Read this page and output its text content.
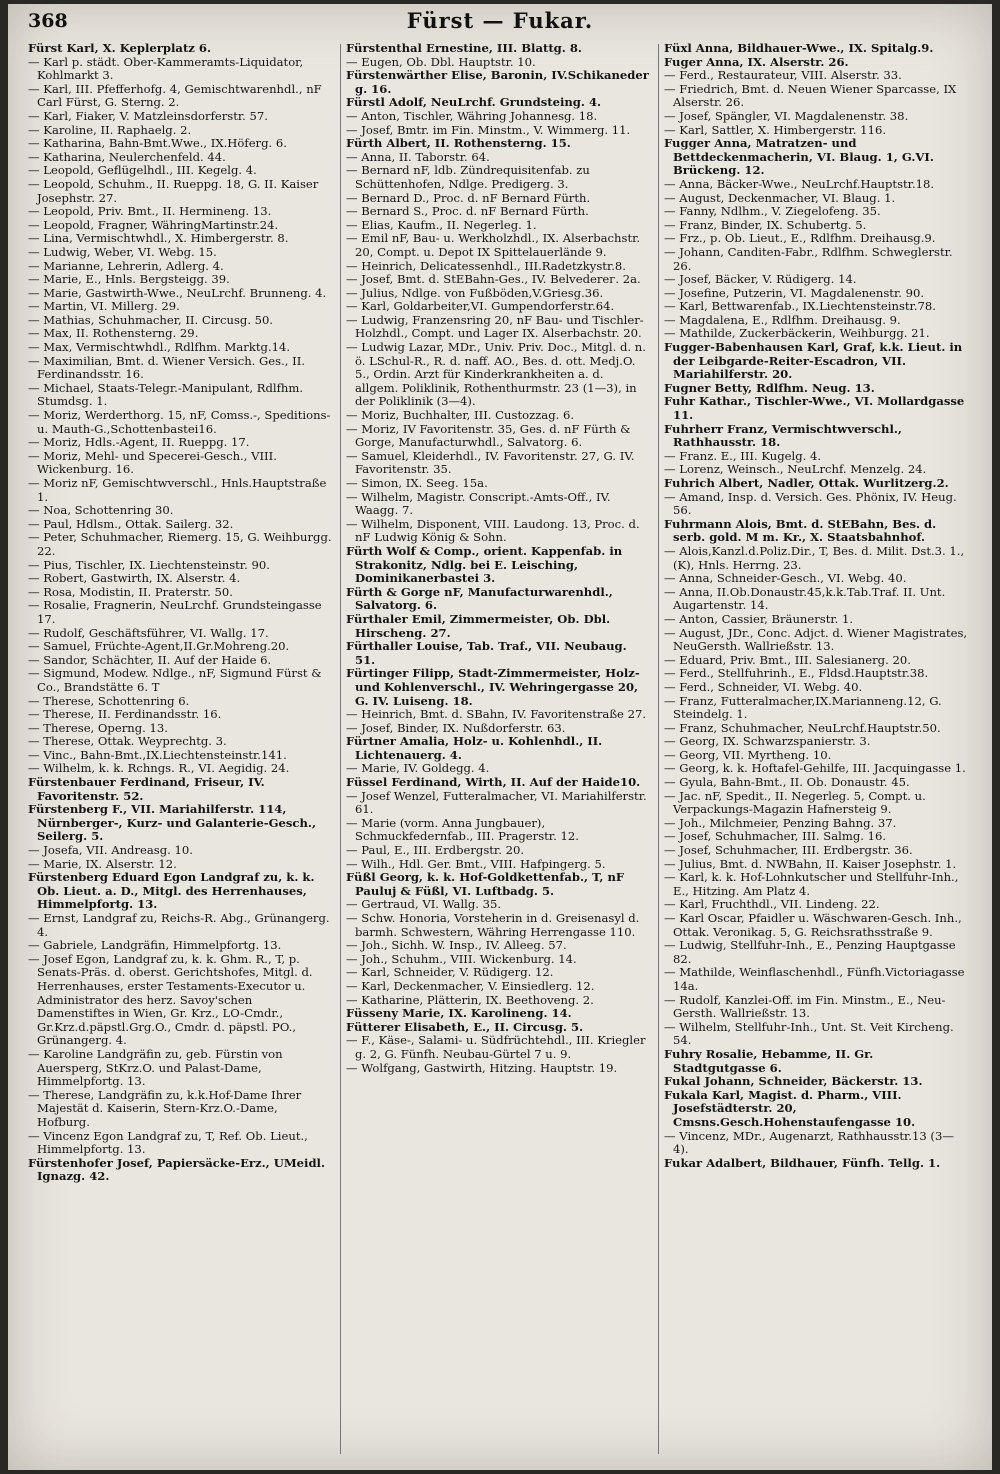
368	Fürst — Fukar.
Fürst Karl, X. Keplerplatz 6.
— Karl p. städt. Ober-Kammeramts-Liquidator, Kohlmarkt 3.
— Karl, III. Pfefferhofg. 4, Gemischtwarenhdl., nF Carl Fürst, G. Sterng. 2.
— Karl, Fiaker, V. Matzleinsdorferstr. 57.
— Karoline, II. Raphaelg. 2.
— Katharina, Bahn-Bmt.Wwe., IX.Höferg. 6.
— Katharina, Neulerchenfeld. 44.
— Leopold, Geflügelhdl., III. Kegelg. 4.
— Leopold, Schuhm., II. Rueppg. 18, G. II. Kaiser Josephstr. 27.
— Leopold, Priv. Bmt., II. Hermineng. 13.
— Leopold, Fragner, WähringMartinstr.24.
— Lina, Vermischtwhdl., X. Himbergerstr. 8.
— Ludwig, Weber, VI. Webg. 15.
— Marianne, Lehrerin, Adlerg. 4.
— Marie, E., Hnls. Bergsteigg. 39.
— Marie, Gastwirth-Wwe., NeuLrchf. Brunneng. 4.
— Martin, VI. Millerg. 29.
— Mathias, Schuhmacher, II. Circusg. 50.
— Max, II. Rothensterng. 29.
— Max, Vermischtwhdl., Rdlfhm. Marktg.14.
— Maximilian, Bmt. d. Wiener Versich. Ges., II. Ferdinandsstr. 16.
— Michael, Staats-Telegr.-Manipulant, Rdlfhm. Stumdsg. 1.
— Moriz, Werderthorg. 15, nF, Comss.-, Speditions- u. Mauth-G.,Schottenbastei16.
— Moriz, Hdls.-Agent, II. Rueppg. 17.
— Moriz, Mehl- und Specerei-Gesch., VIII. Wickenburg. 16.
— Moriz nF, Gemischtwverschl., Hnls.Hauptstraße 1.
— Noa, Schottenring 30.
— Paul, Hdlsm., Ottak. Sailerg. 32.
— Peter, Schuhmacher, Riemerg. 15, G. Weihburgg. 22.
— Pius, Tischler, IX. Liechtensteinstr. 90.
— Robert, Gastwirth, IX. Alserstr. 4.
— Rosa, Modistin, II. Praterstr. 50.
— Rosalie, Fragnerin, NeuLrchf. Grundsteingasse 17.
— Rudolf, Geschäftsführer, VI. Wallg. 17.
— Samuel, Früchte-Agent,II.Gr.Mohreng.20.
— Sandor, Schächter, II. Auf der Haide 6.
— Sigmund, Modew. Ndlge., nF, Sigmund Fürst & Co., Brandstätte 6. T
— Therese, Schottenring 6.
— Therese, II. Ferdinandsstr. 16.
— Therese, Operng. 13.
— Therese, Ottak. Weyprechtg. 3.
— Vinc., Bahn-Bmt.,IX.Liechtensteinstr.141.
— Wilhelm, k. k. Rchngs. R., VI. Aegidig. 24.
Fürstenbauer Ferdinand, Friseur, IV. Favoritenstr. 52.
Fürstenberg F., VII. Mariahilferstr. 114, Nürnberger-, Kurz- und Galanterie-Gesch., Seilerg. 5.
— Josefa, VII. Andreasg. 10.
— Marie, IX. Alserstr. 12.
Fürstenberg Eduard Egon Landgraf zu, k. k. Ob. Lieut. a. D., Mitgl. des Herrenhauses, Himmelpfortg. 13.
— Ernst, Landgraf zu, Reichs-R. Abg., Grünangerg. 4.
— Gabriele, Landgräfin, Himmelpfortg. 13.
— Josef Egon, Landgraf zu, k. k. Ghm. R., T, p. Senats-Präs. d. oberst. Gerichtshofes, Mitgl. d. Herrenhauses, erster Testaments-Executor u. Administrator des herz. Savoy'schen Damenstiftes in Wien, Gr. Krz., LO-Cmdr., Gr.Krz.d.päpstl.Grg.O., Cmdr. d. päpstl. PO., Grünangerg. 4.
— Karoline Landgräfin zu, geb. Fürstin von Auersperg, StKrz.O. und Palast-Dame, Himmelpfortg. 13.
— Therese, Landgräfin zu, k.k.Hof-Dame Ihrer Majestät d. Kaiserin, Stern-Krz.O.-Dame, Hofburg.
— Vincenz Egon Landgraf zu, T, Ref. Ob. Lieut., Himmelpfortg. 13.
Fürstenhofer Josef, Papiersäcke-Erz., UMeidl. Ignazg. 42.
Fürstenthal Ernestine, III. Blattg. 8.
— Eugen, Ob. Dbl. Hauptstr. 10.
Fürstenwärther Elise, Baronin, IV.Schikaneder g. 16.
Fürstl Adolf, NeuLrchf. Grundsteing. 4.
— Anton, Tischler, Währing Johannesg. 18.
— Josef, Bmtr. im Fin. Minstm., V. Wimmerg. 11.
Fürth Albert, II. Rothensterng. 15.
— Anna, II. Taborstr. 64.
— Bernard nF, ldb. Zündrequisitenfab. zu Schüttenhofen, Ndlge. Predigerg. 3.
— Bernard D., Proc. d. nF Bernard Fürth.
— Bernard S., Proc. d. nF Bernard Fürth.
— Elias, Kaufm., II. Negerleg. 1.
— Emil nF, Bau- u. Werkholzhdl., IX. Alserbachstr. 20, Compt. u. Depot IX Spittelauerlände 9.
— Heinrich, Delicatessenhdl., III.Radetzkystr.8.
— Josef, Bmt. d. StEBahn-Ges., IV. Belvederег. 2a.
— Julius, Ndlge. von Fußböden,V.Griesg.36.
— Karl, Goldarbeiter,VI. Gumpendorferstr.64.
— Ludwig, Franzensring 20, nF Bau- und Tischler-Holzhdl., Compt. und Lager IX. Alserbachstr. 20.
— Ludwig Lazar, MDr., Univ. Priv. Doc., Mitgl. d. n. ö. LSchul-R., R. d. naff. AO., Bes. d. ott. Medj.O. 5., Ordin. Arzt für Kinderkrankheiten a. d. allgem. Poliklinik, Rothenthurmstr. 23 (1—3), in der Poliklinik (3—4).
— Moriz, Buchhalter, III. Custozzag. 6.
— Moriz, IV Favoritenstr. 35, Ges. d. nF Fürth & Gorge, Manufacturwhdl., Salvatorg. 6.
— Samuel, Kleiderhdl., IV. Favoritenstr. 27, G. IV. Favoritenstr. 35.
— Simon, IX. Seeg. 15a.
— Wilhelm, Magistr. Conscript.-Amts-Off., IV. Waagg. 7.
— Wilhelm, Disponent, VIII. Laudong. 13, Proc. d. nF Ludwig König & Sohn.
Fürth Wolf & Comp., orient. Kappenfab. in Strakonitz, Ndlg. bei E. Leisching, Dominikanerbastei 3.
Fürth & Gorge nF, Manufacturwarenhdl., Salvatorg. 6.
Fürthaler Emil, Zimmermeister, Ob. Dbl. Hirscheng. 27.
Fürthaller Louise, Tab. Traf., VII. Neubaug. 51.
Fürtinger Filipp, Stadt-Zimmermeister, Holz- und Kohlenverschl., IV. Wehringergasse 20, G. IV. Luiseng. 18.
— Heinrich, Bmt. d. SBahn, IV. Favoritenstraße 27.
— Josef, Binder, IX. Nußdorferstr. 63.
Fürtner Amalia, Holz- u. Kohlenhdl., II. Lichtenauerg. 4.
— Marie, IV. Goldegg. 4.
Füssel Ferdinand, Wirth, II. Auf der Haide10.
— Josef Wenzel, Futteralmacher, VI. Mariahilferstr. 61.
— Marie (vorm. Anna Jungbauer), Schmuckfedernfab., III. Pragerstr. 12.
— Paul, E., III. Erdbergstr. 20.
— Wilh., Hdl. Ger. Bmt., VIII. Hafpingerg. 5.
Füßl Georg, k. k. Hof-Goldkettenfab., T, nF Pauluj & Füßl, VI. Luftbadg. 5.
— Gertraud, VI. Wallg. 35.
— Schw. Honoria, Vorsteherin in d. Greisenasyl d. barmh. Schwestern, Währing Herrengasse 110.
— Joh., Sichh. W. Insp., IV. Alleeg. 57.
— Joh., Schuhm., VIII. Wickenburg. 14.
— Karl, Schneider, V. Rüdigerg. 12.
— Karl, Deckenmacher, V. Einsiedlerg. 12.
— Katharine, Plätterin, IX. Beethoveng. 2.
Füsseny Marie, IX. Karolineng. 14.
Fütterer Elisabeth, E., II. Circusg. 5.
— F., Käse-, Salami- u. Südfrüchtehdl., III. Kriegler g. 2, G. Fünfh. Neubau-Gürtel 7 u. 9.
— Wolfgang, Gastwirth, Hitzing. Hauptstr. 19.
Füxl Anna, Bildhauer-Wwe., IX. Spitalg.9.
Fuger Anna, IX. Alserstr. 26.
— Ferd., Restaurateur, VIII. Alserstr. 33.
— Friedrich, Bmt. d. Neuen Wiener Sparcasse, IX Alserstr. 26.
— Josef, Spängler, VI. Magdalenenstr. 38.
— Karl, Sattler, X. Himbergerstr. 116.
Fugger Anna, Matratzen- und Bettdeckenmacherin, VI. Blaug. 1, G.VI. Brückeng. 12.
— Anna, Bäcker-Wwe., NeuLrchf.Hauptstr.18.
— August, Deckenmacher, VI. Blaug. 1.
— Fanny, Ndlhm., V. Ziegelofeng. 35.
— Franz, Binder, IX. Schubertg. 5.
— Frz., p. Ob. Lieut., E., Rdlfhm. Dreihausg.9.
— Johann, Canditen-Fabr., Rdlfhm. Schweglerstr. 26.
— Josef, Bäcker, V. Rüdigerg. 14.
— Josefine, Putzerin, VI. Magdalenenstr. 90.
— Karl, Bettwarenfab., IX.Liechtensteinstr.78.
— Magdalena, E., Rdlfhm. Dreihausg. 9.
— Mathilde, Zuckerbäckerin, Weihburgg. 21.
Fugger-Babenhausen Karl, Graf, k.k. Lieut. in der Leibgarde-Reiter-Escadron, VII. Mariahilferstr. 20.
Fugner Betty, Rdlfhm. Neug. 13.
Fuhr Kathar., Tischler-Wwe., VI. Mollardgasse 11.
Fuhrherr Franz, Vermischtwverschl., Rathhausstr. 18.
— Franz. E., III. Kugelg. 4.
— Lorenz, Weinsch., NeuLrchf. Menzelg. 24.
Fuhrich Albert, Nadler, Ottak. Wurlitzerg.2.
— Amand, Insp. d. Versich. Ges. Phönix, IV. Heug. 56.
Fuhrmann Alois, Bmt. d. StEBahn, Bes. d. serb. gold. M m. Kr., X. Staatsbahnhof.
— Alois,Kanzl.d.Poliz.Dir., T, Bes. d. Milit. Dst.3. 1., (K), Hnls. Herrng. 23.
— Anna, Schneider-Gesch., VI. Webg. 40.
— Anna, II.Ob.Donaustr.45,k.k.Tab.Traf. II. Unt. Augartenstr. 14.
— Anton, Cassier, Bräunerstr. 1.
— August, JDr., Conc. Adjct. d. Wiener Magistrates, NeuGersth. Wallrießstr. 13.
— Eduard, Priv. Bmt., III. Salesianerg. 20.
— Ferd., Stellfuhrinh., E., Fldsd.Hauptstr.38.
— Ferd., Schneider, VI. Webg. 40.
— Franz, Futteralmacher,IX.Marianneng.12, G. Steindelg. 1.
— Franz, Schuhmacher, NeuLrchf.Hauptstr.50.
— Georg, IX. Schwarzspanierstr. 3.
— Georg, VII. Myrtheng. 10.
— Georg, k. k. Hoftafel-Gehilfe, III. Jacquingasse 1.
— Gyula, Bahn-Bmt., II. Ob. Donaustr. 45.
— Jac. nF, Spedit., II. Negerleg. 5, Compt. u. Verpackungs-Magazin Hafnersteig 9.
— Joh., Milchmeier, Penzing Bahng. 37.
— Josef, Schuhmacher, III. Salmg. 16.
— Josef, Schuhmacher, III. Erdbergstr. 36.
— Julius, Bmt. d. NWBahn, II. Kaiser Josephstr. 1.
— Karl, k. k. Hof-Lohnkutscher und Stellfuhr-Inh., E., Hitzing. Am Platz 4.
— Karl, Fruchthdl., VII. Lindeng. 22.
— Karl Oscar, Pfaidler u. Wäschwaren-Gesch. Inh., Ottak. Veronikag. 5, G. Reichsrathsstraße 9.
— Ludwig, Stellfuhr-Inh., E., Penzing Hauptgasse 82.
— Mathilde, Weinflaschenhdl., Fünfh.Victoriagasse 14a.
— Rudolf, Kanzlei-Off. im Fin. Minstm., E., Neu-Gersth. Wallrießstr. 13.
— Wilhelm, Stellfuhr-Inh., Unt. St. Veit Kircheng. 54.
Fuhry Rosalie, Hebamme, II. Gr. Stadtgutgasse 6.
Fukal Johann, Schneider, Bäckerstr. 13.
Fukala Karl, Magist. d. Pharm., VIII. Josefstädterstr. 20, Cmsns.Gesch.Hohenstaufengasse 10.
— Vincenz, MDr., Augenarzt, Rathhausstr.13 (3—4).
Fukar Adalbert, Bildhauer, Fünfh. Tellg. 1.
